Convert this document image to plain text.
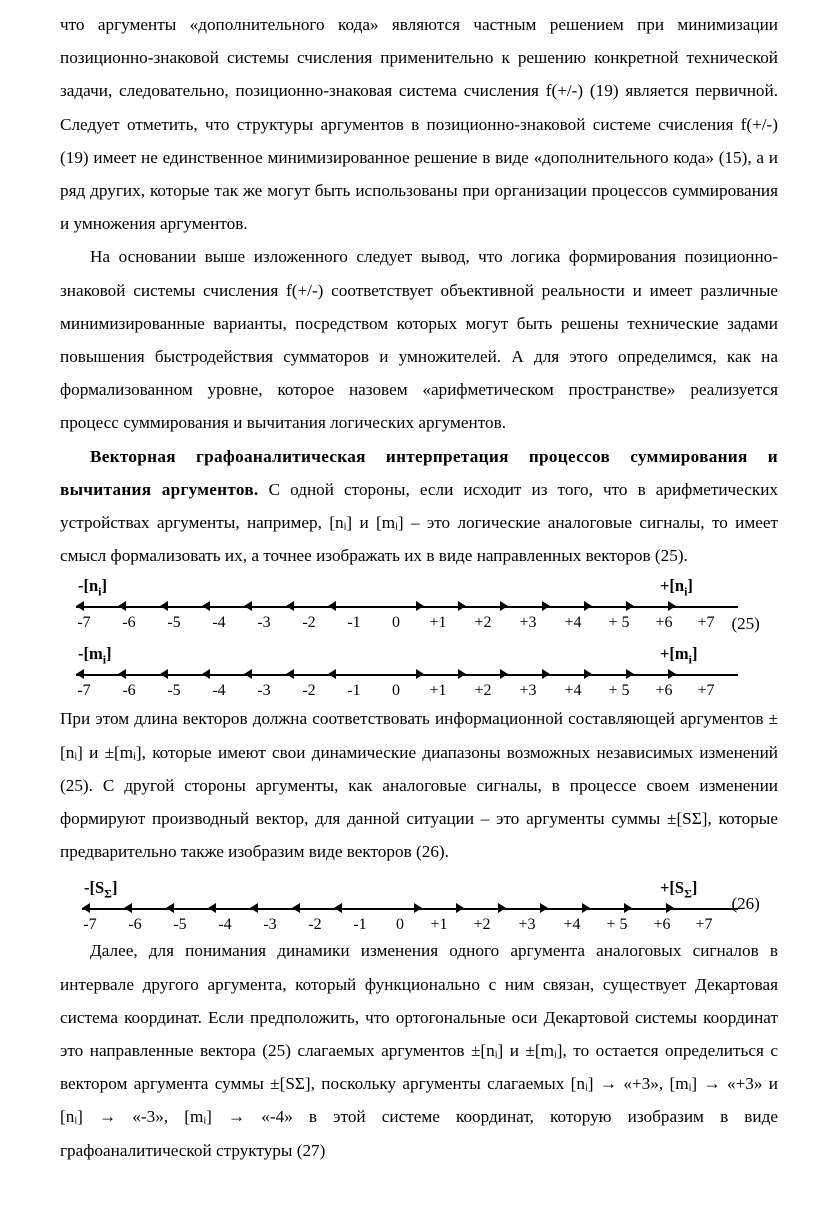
что аргументы «дополнительного кода» являются частным решением при минимизации позиционно-знаковой системы счисления применительно к решению конкретной технической задачи, следовательно, позиционно-знаковая система счисления f(+/-) (19) является первичной. Следует отметить, что структуры аргументов в позиционно-знаковой системе счисления f(+/-) (19) имеет не единственное минимизированное решение в виде «дополнительного кода» (15), а и ряд других, которые так же могут быть использованы при организации процессов суммирования и умножения аргументов.

На основании выше изложенного следует вывод, что логика формирования позиционно-знаковой системы счисления f(+/-) соответствует объективной реальности и имеет различные минимизированные варианты, посредством которых могут быть решены технические задами повышения быстродействия сумматоров и умножителей. А для этого определимся, как на формализованном уровне, которое назовем «арифметическом пространстве» реализуется процесс суммирования и вычитания логических аргументов.

Векторная графоаналитическая интерпретация процессов суммирования и вычитания аргументов. С одной стороны, если исходит из того, что в арифметических устройствах аргументы, например, [nᵢ] и [mᵢ] – это логические аналоговые сигналы, то имеет смысл формализовать их, а точнее изображать их в виде направленных векторов (25).

$-[n_i]$	$+[n_i]$
-7 -6 -5 -4 -3 -2 -1 0 +1 +2 +3 +4 + 5 +6 +7 (25)
$-[m_i]$	$+[m_i]$
-7 -6 -5 -4 -3 -2 -1 0 +1 +2 +3 +4 + 5 +6 +7

При этом длина векторов должна соответствовать информационной составляющей аргументов ±[nᵢ] и ±[mᵢ], которые имеют свои динамические диапазоны возможных независимых изменений (25). С другой стороны аргументы, как аналоговые сигналы, в процессе своем изменении формируют производный вектор, для данной ситуации – это аргументы суммы ±[SΣ], которые предварительно также изобразим виде векторов (26).

$-[S_\Sigma]$	$+[S_\Sigma]$
-7 -6 -5 -4 -3 -2 -1 0 +1 +2 +3 +4 + 5 +6 +7
(26)

Далее, для понимания динамики изменения одного аргумента аналоговых сигналов в интервале другого аргумента, который функционально с ним связан, существует Декартовая система координат. Если предположить, что ортогональные оси Декартовой системы координат это направленные вектора (25) слагаемых аргументов ±[nᵢ] и ±[mᵢ], то остается определиться с вектором аргумента суммы ±[SΣ], поскольку аргументы слагаемых [nᵢ] → «+3», [mᵢ] → «+3» и [nᵢ] → «-3», [mᵢ] → «-4» в этой системе координат, которую изобразим в виде графоаналитической структуры (27)
